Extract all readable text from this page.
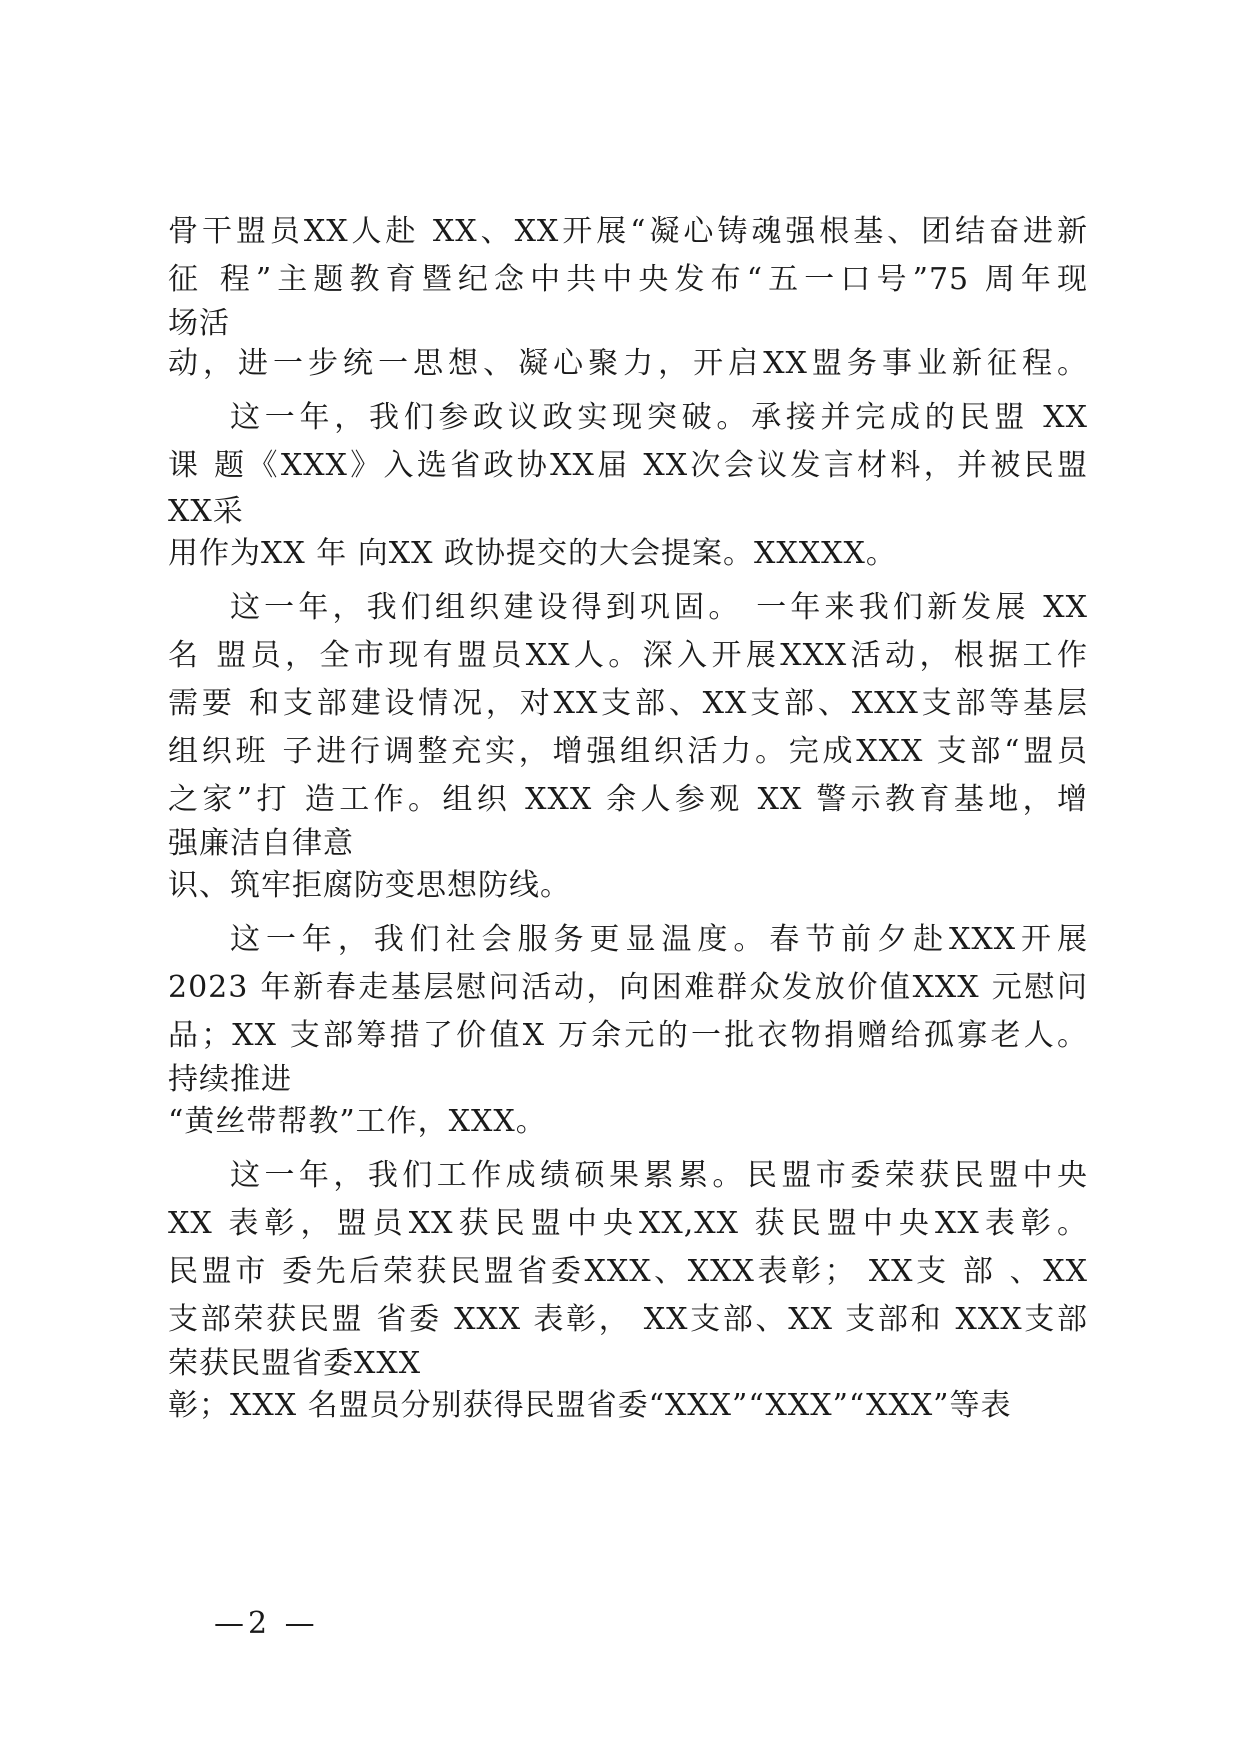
骨干盟员XX人赴 XX、XX开展“凝心铸魂强根基、团结奋进新
征 程”主题教育暨纪念中共中央发布“五一口号”75 周年现
场活
动，进一步统一思想、凝心聚力，开启XX盟务事业新征程。
这一年，我们参政议政实现突破。承接并完成的民盟 XX
课 题《XXX》入选省政协XX届 XX次会议发言材料，并被民盟
XX采
用作为XX 年 向XX 政协提交的大会提案。XXXXX。
这一年，我们组织建设得到巩固。 一年来我们新发展 XX
名 盟员，全市现有盟员XX人。深入开展XXX活动，根据工作
需要 和支部建设情况，对XX支部、XX支部、XXX支部等基层
组织班 子进行调整充实，增强组织活力。完成XXX 支部“盟员
之家”打 造工作。组织 XXX 余人参观 XX 警示教育基地，增
强廉洁自律意
识、筑牢拒腐防变思想防线。
这一年，我们社会服务更显温度。春节前夕赴XXX开展
2023 年新春走基层慰问活动，向困难群众发放价值XXX 元慰问
品；XX 支部筹措了价值X 万余元的一批衣物捐赠给孤寡老人。
持续推进
“黄丝带帮教”工作，XXX。
这一年，我们工作成绩硕果累累。民盟市委荣获民盟中央
XX 表彰，盟员XX获民盟中央XX,XX 获民盟中央XX表彰。
民盟市 委先后荣获民盟省委XXX、XXX表彰； XX支 部 、XX
支部荣获民盟 省委 XXX 表彰， XX支部、XX 支部和 XXX支部
荣获民盟省委XXX
彰；XXX 名盟员分别获得民盟省委“XXX”“XXX”“XXX”等表
—2 —
